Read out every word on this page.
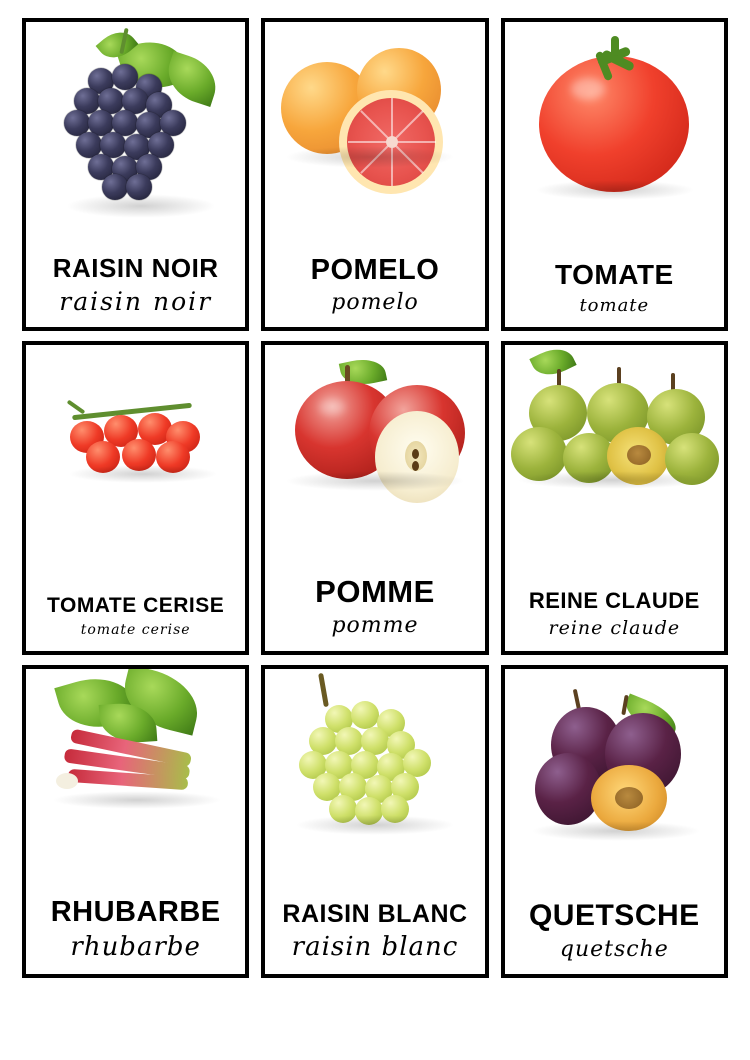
RAISIN NOIR
raisin noir
POMELO
pomelo
TOMATE
tomate
TOMATE CERISE
tomate cerise
POMME
pomme
REINE CLAUDE
reine claude
RHUBARBE
rhubarbe
RAISIN BLANC
raisin blanc
QUETSCHE
quetsche
